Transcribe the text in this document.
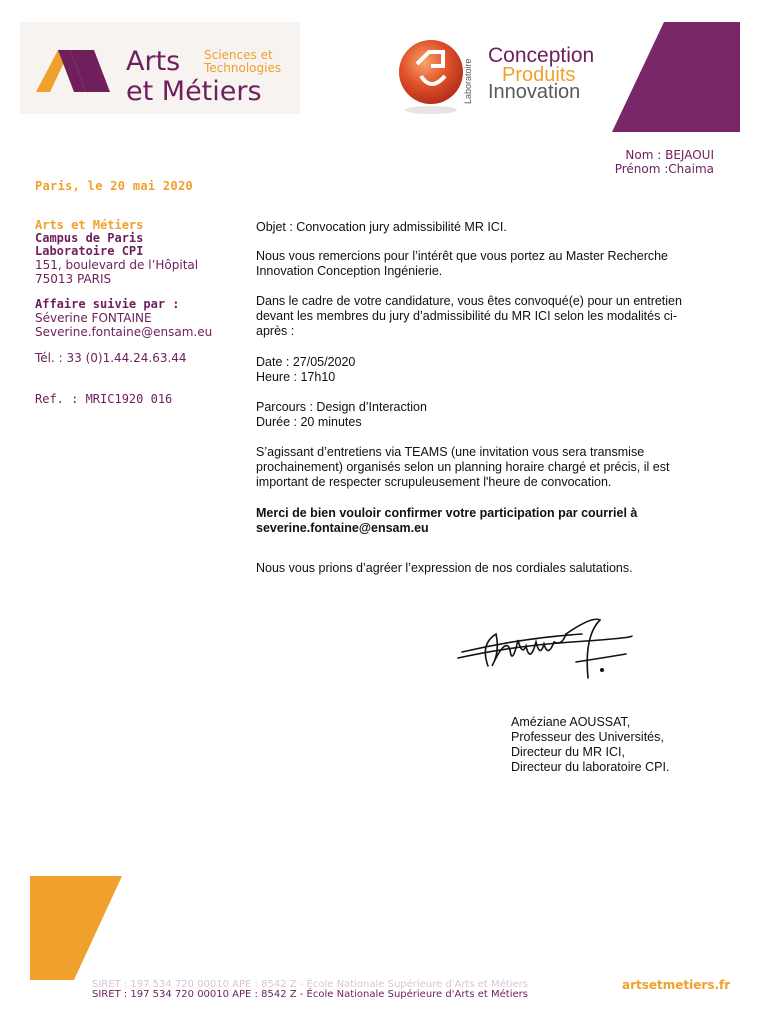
Arts Sciences et
Technologies
et Métiers	Laboratoire
Conception
Produits
Innovation
Nom : BEJAOUI
Prénom :Chaima
Paris, le 20 mai 2020
Arts et Métiers
Campus de Paris
Laboratoire CPI
151, boulevard de l’Hôpital
75013 PARIS
Affaire suivie par :
Séverine FONTAINE
Severine.fontaine@ensam.eu
Tél. : 33 (0)1.44.24.63.44
Ref. : MRIC1920 016
Objet : Convocation jury admissibilité MR ICI.
Nous vous remercions pour l’intérêt que vous portez au Master Recherche Innovation Conception Ingénierie.
Dans le cadre de votre candidature, vous êtes convoqué(e) pour un entretien devant les membres du jury d’admissibilité du MR ICI selon les modalités ci-après :
Date : 27/05/2020
Heure : 17h10
Parcours : Design d’Interaction
Durée : 20 minutes
S’agissant d’entretiens via TEAMS (une invitation vous sera transmise prochainement) organisés selon un planning horaire chargé et précis, il est important de respecter scrupuleusement l'heure de convocation.
Merci de bien vouloir confirmer votre participation par courriel à severine.fontaine@ensam.eu
Nous vous prions d’agréer l’expression de nos cordiales salutations.
Améziane AOUSSAT,
Professeur des Universités,
Directeur du MR ICI,
Directeur du laboratoire CPI.
SIRET : 197 534 720 00010 APE : 8542 Z - École Nationale Supérieure d'Arts et Métiers
SIRET : 197 534 720 00010 APE : 8542 Z - École Nationale Supérieure d'Arts et Métiers
artsetmetiers.fr
